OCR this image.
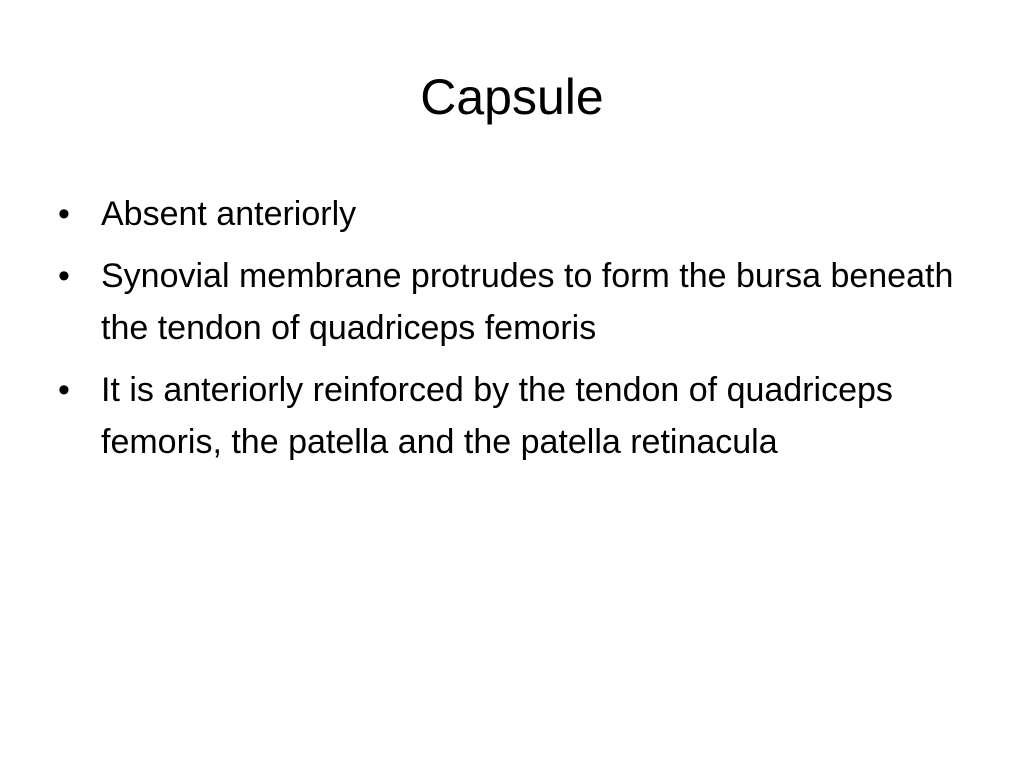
Capsule
• Absent anteriorly
• Synovial membrane protrudes to form the bursa beneath the tendon of quadriceps femoris
• It is anteriorly reinforced by the tendon of quadriceps femoris, the patella and the patella retinacula
